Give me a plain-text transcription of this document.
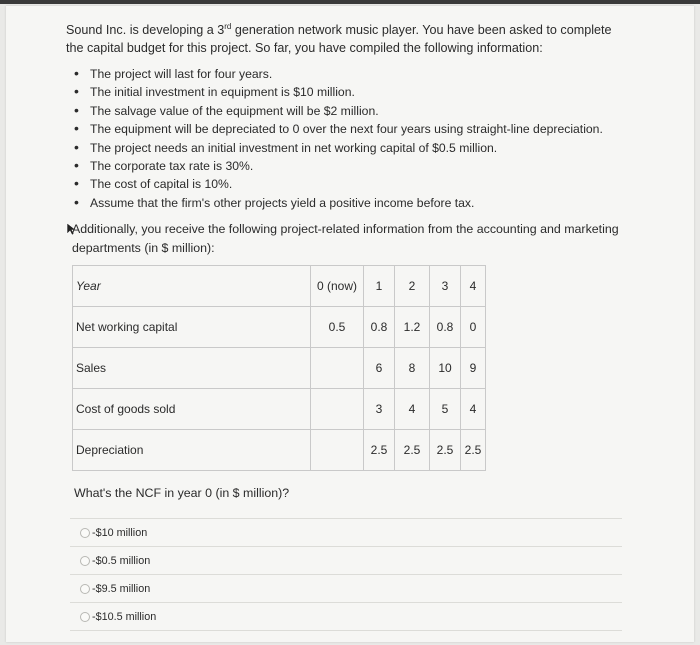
Sound Inc. is developing a 3rd generation network music player. You have been asked to complete the capital budget for this project. So far, you have compiled the following information:

• The project will last for four years.
• The initial investment in equipment is $10 million.
• The salvage value of the equipment will be $2 million.
• The equipment will be depreciated to 0 over the next four years using straight-line depreciation.
• The project needs an initial investment in net working capital of $0.5 million.
• The corporate tax rate is 30%.
• The cost of capital is 10%.
• Assume that the firm's other projects yield a positive income before tax.

Additionally, you receive the following project-related information from the accounting and marketing departments (in $ million):

Year	0 (now)	1	2	3	4
Net working capital	0.5	0.8	1.2	0.8	0
Sales		6	8	10	9
Cost of goods sold		3	4	5	4
Depreciation		2.5	2.5	2.5	2.5

What's the NCF in year 0 (in $ million)?

-$10 million
-$0.5 million
-$9.5 million
-$10.5 million
